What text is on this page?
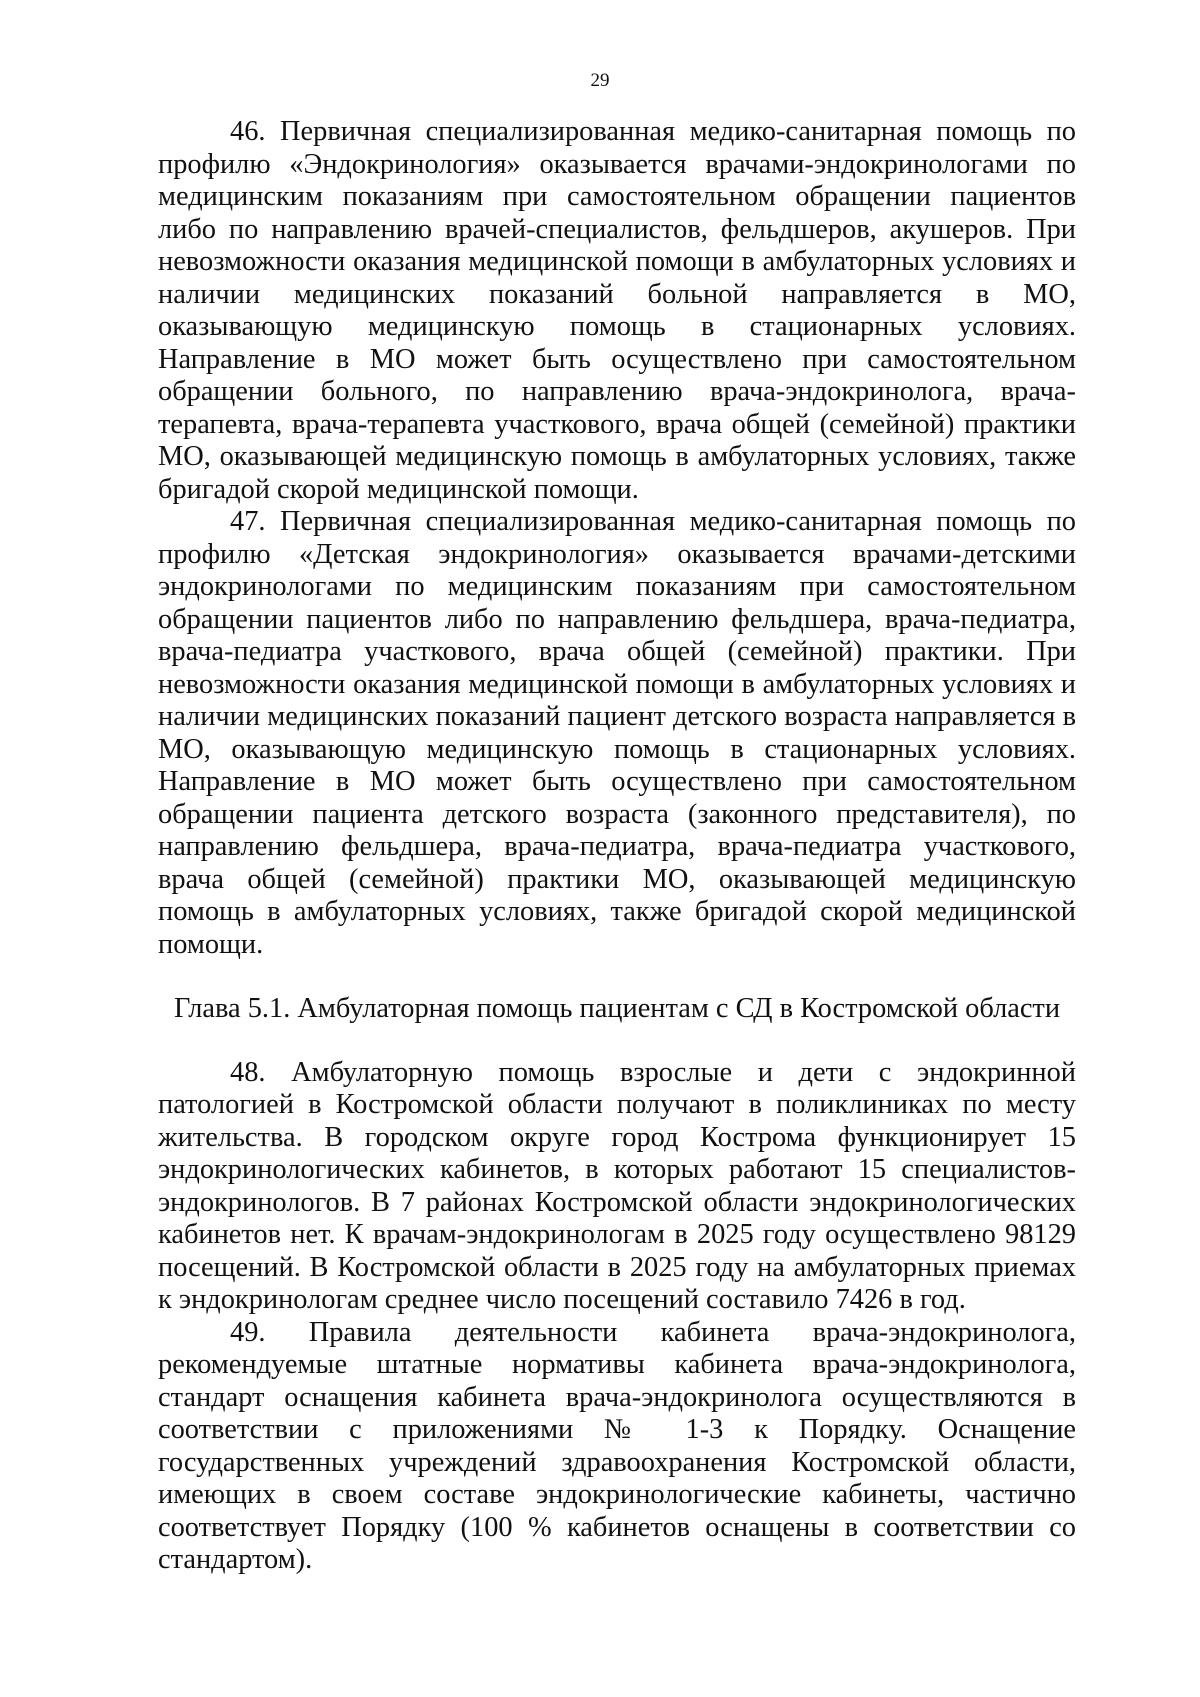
29

46. Первичная специализированная медико-санитарная помощь по профилю «Эндокринология» оказывается врачами-эндокринологами по медицинским показаниям при самостоятельном обращении пациентов либо по направлению врачей-специалистов, фельдшеров, акушеров. При невозможности оказания медицинской помощи в амбулаторных условиях и наличии медицинских показаний больной направляется в МО, оказывающую медицинскую помощь в стационарных условиях. Направление в МО может быть осуществлено при самостоятельном обращении больного, по направлению врача-эндокринолога, врача-терапевта, врача-терапевта участкового, врача общей (семейной) практики МО, оказывающей медицинскую помощь в амбулаторных условиях, также бригадой скорой медицинской помощи.

47. Первичная специализированная медико-санитарная помощь по профилю «Детская эндокринология» оказывается врачами-детскими эндокринологами по медицинским показаниям при самостоятельном обращении пациентов либо по направлению фельдшера, врача-педиатра, врача-педиатра участкового, врача общей (семейной) практики. При невозможности оказания медицинской помощи в амбулаторных условиях и наличии медицинских показаний пациент детского возраста направляется в МО, оказывающую медицинскую помощь в стационарных условиях. Направление в МО может быть осуществлено при самостоятельном обращении пациента детского возраста (законного представителя), по направлению фельдшера, врача-педиатра, врача-педиатра участкового, врача общей (семейной) практики МО, оказывающей медицинскую помощь в амбулаторных условиях, также бригадой скорой медицинской помощи.

Глава 5.1. Амбулаторная помощь пациентам с СД в Костромской области

48. Амбулаторную помощь взрослые и дети с эндокринной патологией в Костромской области получают в поликлиниках по месту жительства. В городском округе город Кострома функционирует 15 эндокринологических кабинетов, в которых работают 15 специалистов-эндокринологов. В 7 районах Костромской области эндокринологических кабинетов нет. К врачам-эндокринологам в 2025 году осуществлено 98129 посещений. В Костромской области в 2025 году на амбулаторных приемах к эндокринологам среднее число посещений составило 7426 в год.

49. Правила деятельности кабинета врача-эндокринолога, рекомендуемые штатные нормативы кабинета врача-эндокринолога, стандарт оснащения кабинета врача-эндокринолога осуществляются в соответствии с приложениями № 1-3 к Порядку. Оснащение государственных учреждений здравоохранения Костромской области, имеющих в своем составе эндокринологические кабинеты, частично соответствует Порядку (100 % кабинетов оснащены в соответствии со стандартом).
